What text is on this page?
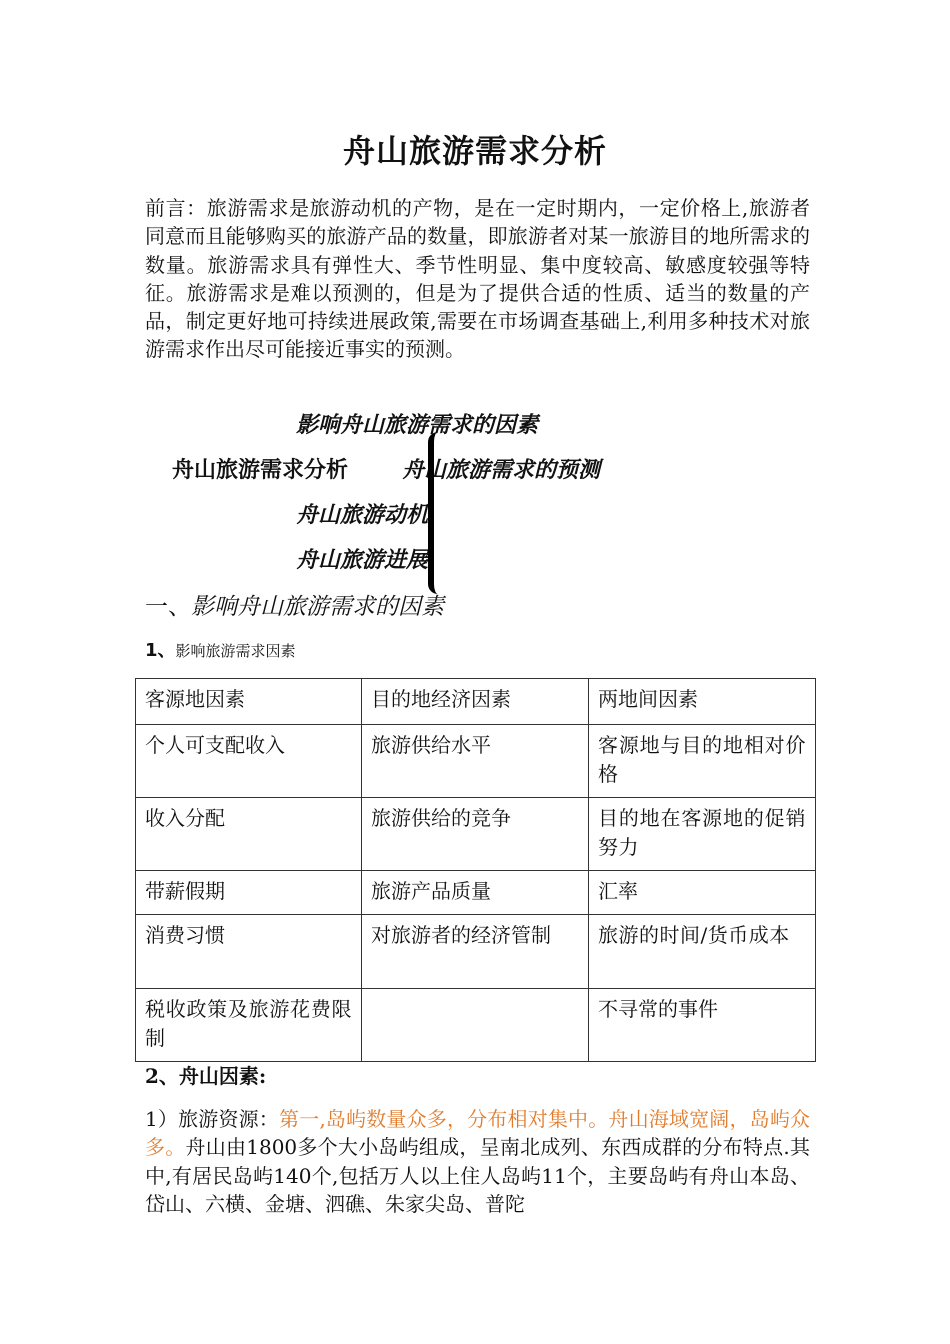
舟山旅游需求分析

前言：旅游需求是旅游动机的产物，是在一定时期内，一定价格上,旅游者同意而且能够购买的旅游产品的数量，即旅游者对某一旅游目的地所需求的数量。旅游需求具有弹性大、季节性明显、集中度较高、敏感度较强等特征。旅游需求是难以预测的，但是为了提供合适的性质、适当的数量的产品，制定更好地可持续进展政策,需要在市场调查基础上,利用多种技术对旅游需求作出尽可能接近事实的预测。

影响舟山旅游需求的因素
舟山旅游需求分析 舟山旅游需求的预测
舟山旅游动机
舟山旅游进展
一、影响舟山旅游需求的因素
1、影响旅游需求因素
客源地因素	目的地经济因素	两地间因素
个人可支配收入	旅游供给水平	客源地与目的地相对价格
收入分配	旅游供给的竞争	目的地在客源地的促销努力
带薪假期	旅游产品质量	汇率
消费习惯	对旅游者的经济管制	旅游的时间/货币成本
税收政策及旅游花费限制		不寻常的事件
2、舟山因素:

1）旅游资源：第一,岛屿数量众多，分布相对集中。舟山海域宽阔，岛屿众多。舟山由1800多个大小岛屿组成，呈南北成列、东西成群的分布特点.其中,有居民岛屿140个,包括万人以上住人岛屿11个，主要岛屿有舟山本岛、岱山、六横、金塘、泗礁、朱家尖岛、普陀
